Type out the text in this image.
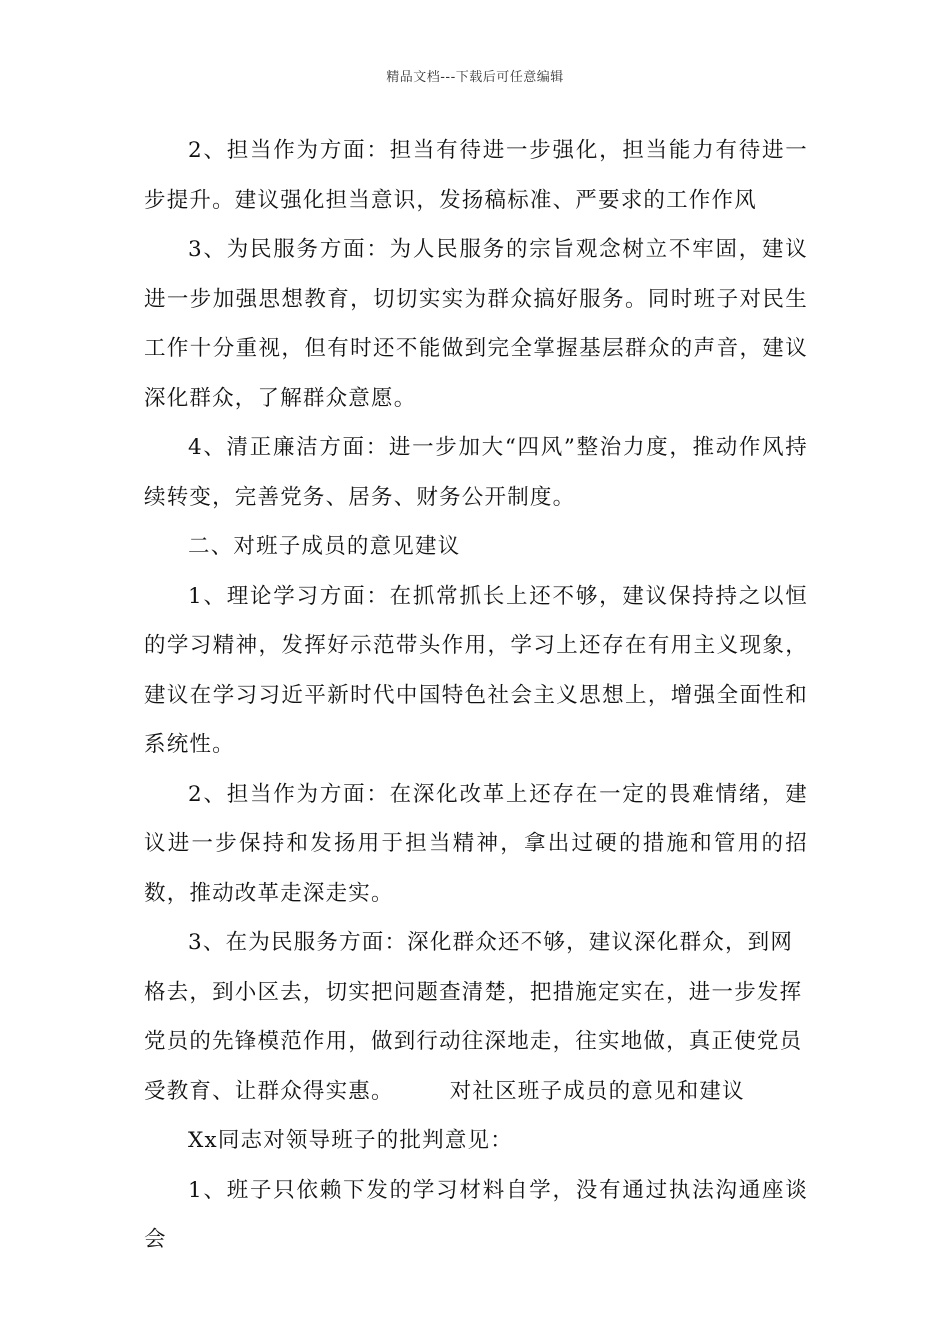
精品文档---下载后可任意编辑

2、担当作为方面：担当有待进一步强化，担当能力有待进一步提升。建议强化担当意识，发扬稿标准、严要求的工作作风

3、为民服务方面：为人民服务的宗旨观念树立不牢固，建议进一步加强思想教育，切切实实为群众搞好服务。同时班子对民生工作十分重视，但有时还不能做到完全掌握基层群众的声音，建议深化群众，了解群众意愿。

4、清正廉洁方面：进一步加大“四风”整治力度，推动作风持续转变，完善党务、居务、财务公开制度。

二、对班子成员的意见建议

1、理论学习方面：在抓常抓长上还不够，建议保持持之以恒的学习精神，发挥好示范带头作用，学习上还存在有用主义现象，建议在学习习近平新时代中国特色社会主义思想上，增强全面性和系统性。

2、担当作为方面：在深化改革上还存在一定的畏难情绪，建议进一步保持和发扬用于担当精神，拿出过硬的措施和管用的招数，推动改革走深走实。

3、在为民服务方面：深化群众还不够，建议深化群众，到网格去，到小区去，切实把问题查清楚，把措施定实在，进一步发挥党员的先锋模范作用，做到行动往深地走，往实地做，真正使党员受教育、让群众得实惠。	对社区班子成员的意见和建议

Xx同志对领导班子的批判意见：

1、班子只依赖下发的学习材料自学，没有通过执法沟通座谈会
